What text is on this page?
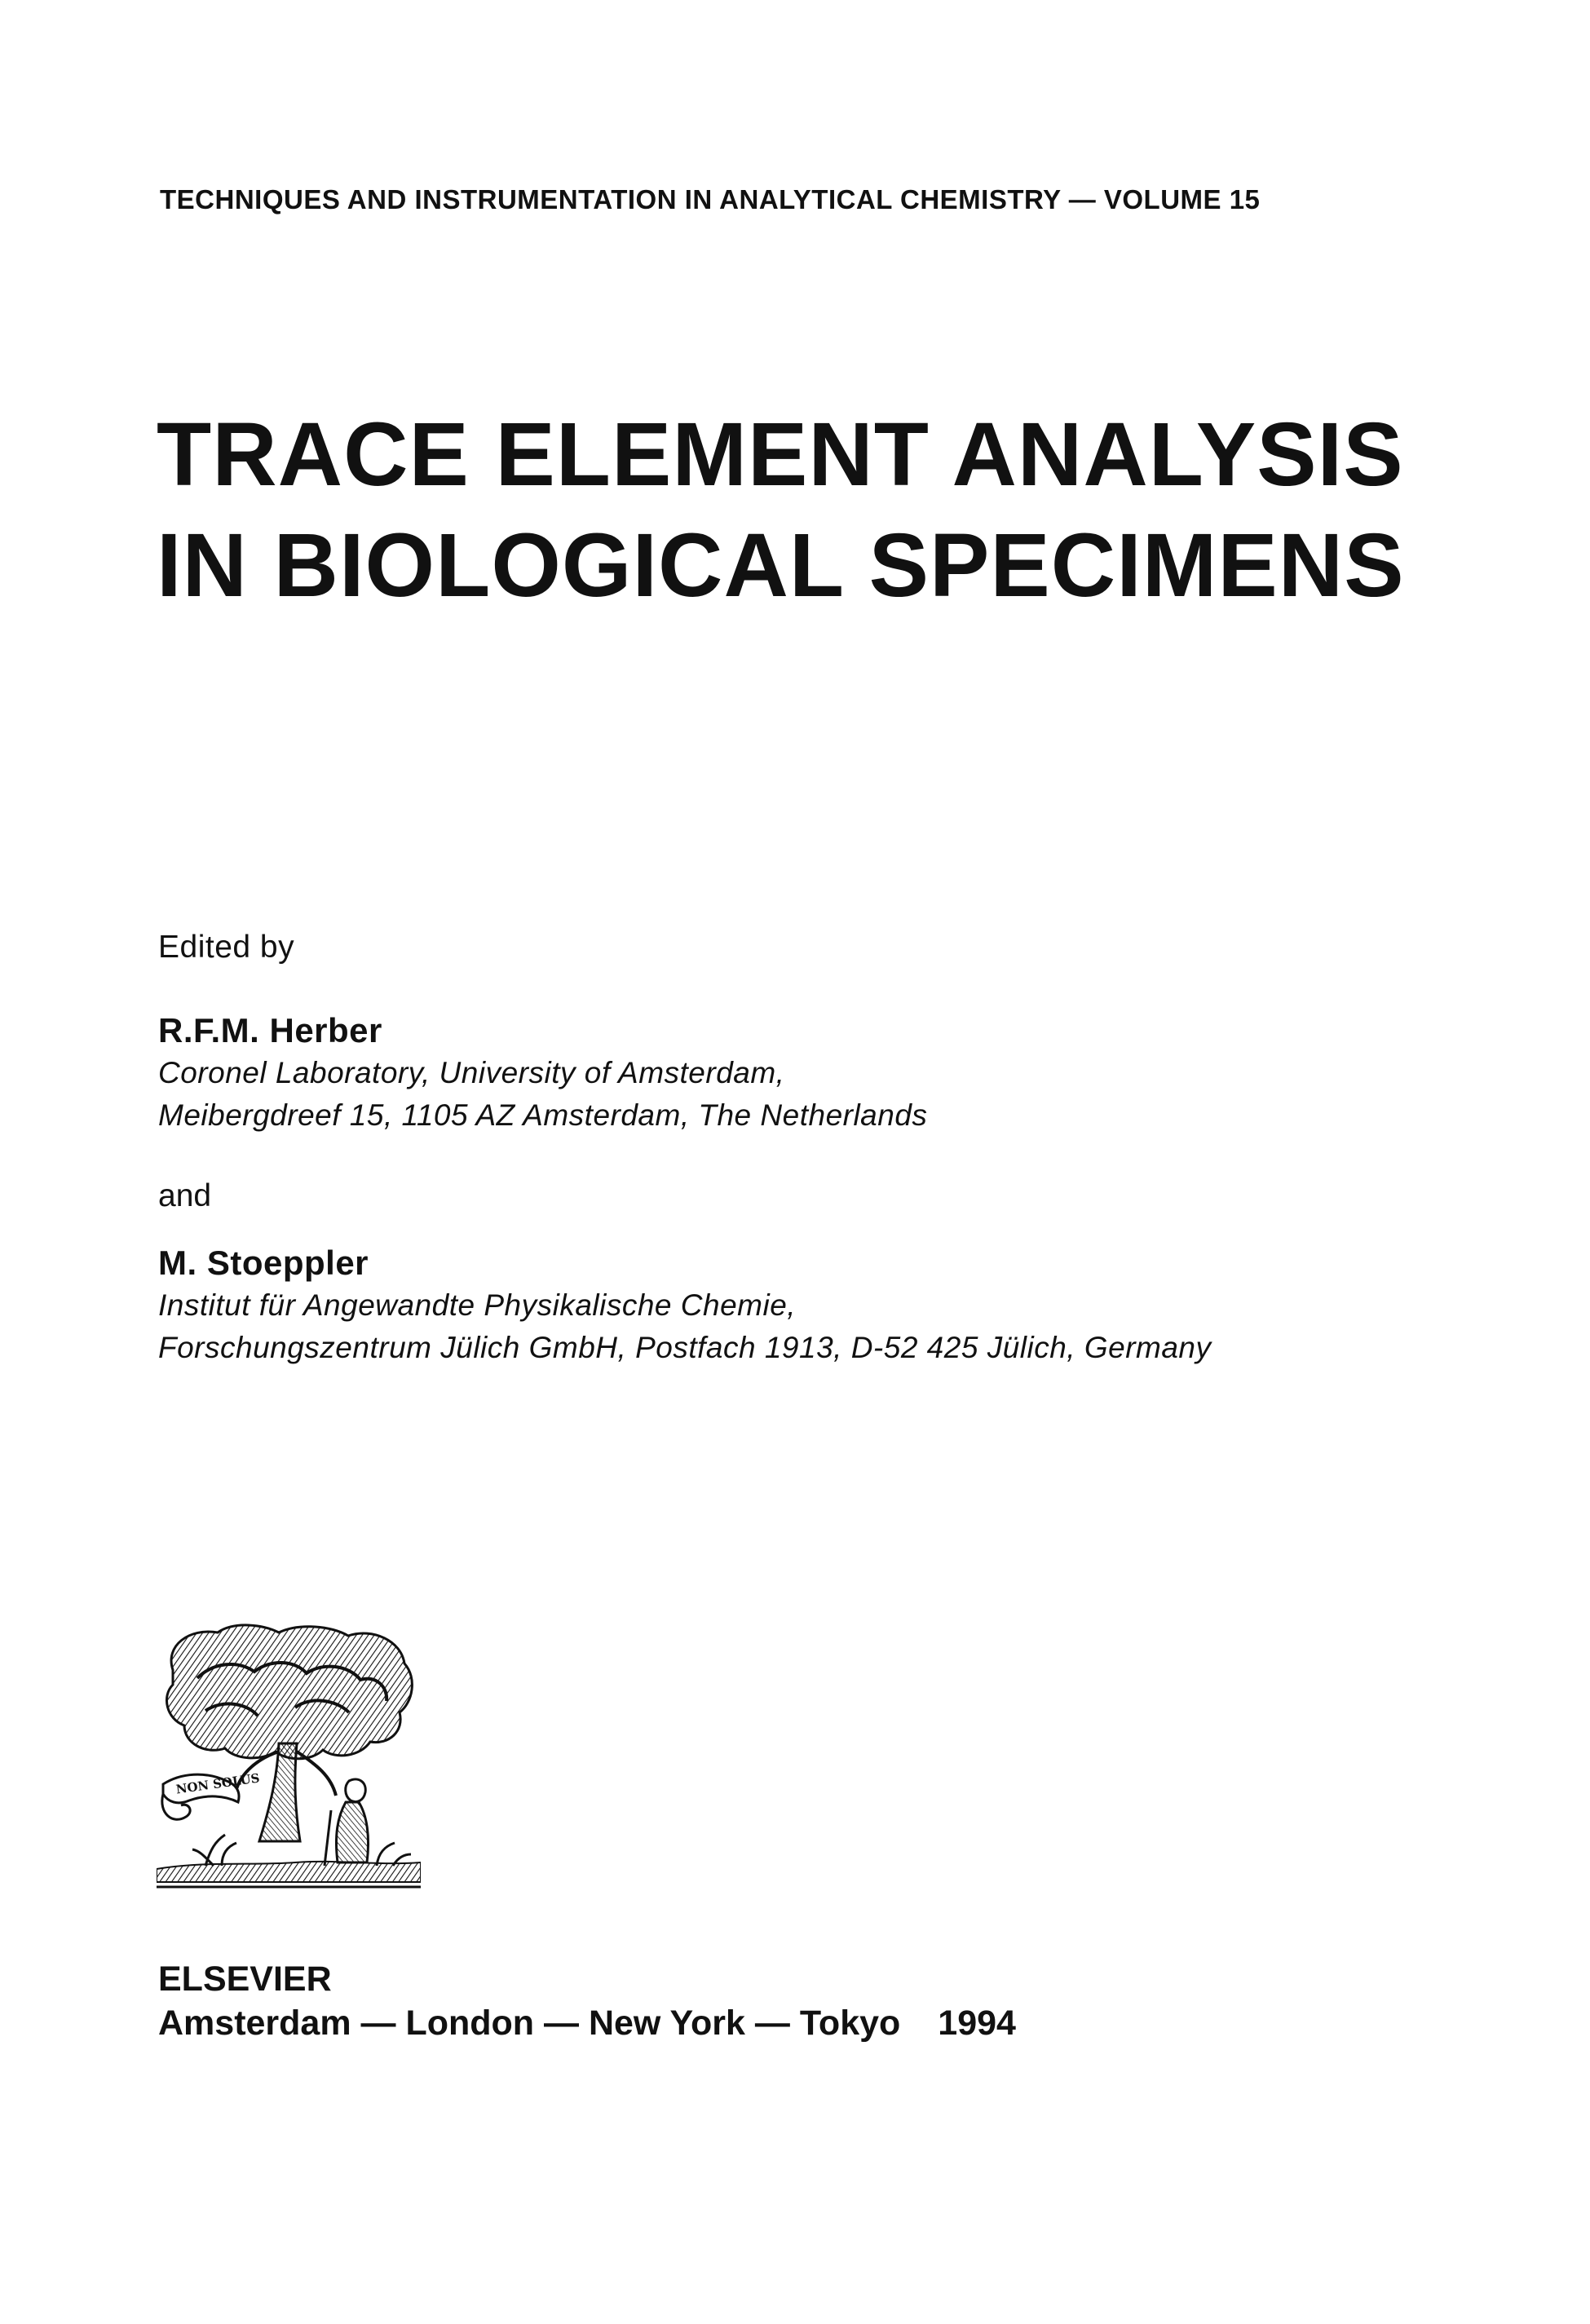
TECHNIQUES AND INSTRUMENTATION IN ANALYTICAL CHEMISTRY — VOLUME 15
TRACE ELEMENT ANALYSIS
IN BIOLOGICAL SPECIMENS
Edited by
R.F.M. Herber
Coronel Laboratory, University of Amsterdam,
Meibergdreef 15, 1105 AZ Amsterdam, The Netherlands
and
M. Stoeppler
Institut für Angewandte Physikalische Chemie,
Forschungszentrum Jülich GmbH, Postfach 1913, D-52 425 Jülich, Germany
NON SOLUS
ELSEVIER
Amsterdam — London — New York — Tokyo 1994
